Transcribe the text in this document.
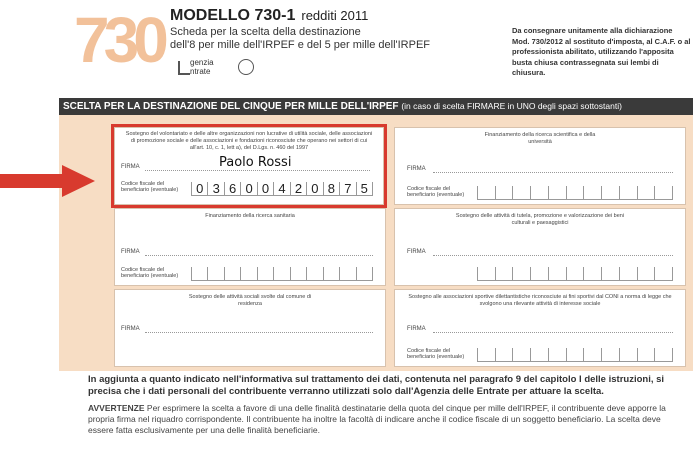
730 MODELLO 730-1 redditi 2011
Scheda per la scelta della destinazione
dell'8 per mille dell'IRPEF e del 5 per mille dell'IRPEF
genzia
ntrate
Da consegnare unitamente alla dichiarazione Mod. 730/2012 al sostituto d'imposta, al C.A.F. o al professionista abilitato, utilizzando l'apposita busta chiusa contrassegnata sui lembi di chiusura.
SCELTA PER LA DESTINAZIONE DEL CINQUE PER MILLE DELL'IRPEF (in caso di scelta FIRMARE in UNO degli spazi sottostanti)
Sostegno del volontariato e delle altre organizzazioni non lucrative di utilità sociale, delle associazioni di promozione sociale e delle associazioni e fondazioni riconosciute che operano nei settori di cui all'art. 10, c. 1, lett a), del D.Lgs. n. 460 del 1997
FIRMA	Paolo Rossi
Codice fiscale del beneficiario (eventuale)	0 3 6 0 0 4 2 0 8 7 5
Finanziamento della ricerca scientifica e della università
FIRMA
Codice fiscale del beneficiario (eventuale)
Finanziamento della ricerca sanitaria
FIRMA
Codice fiscale del beneficiario (eventuale)
Sostegno delle attività di tutela, promozione e valorizzazione dei beni culturali e paesaggistici
FIRMA
Sostegno delle attività sociali svolte dal comune di residenza
FIRMA
Sostegno alle associazioni sportive dilettantistiche riconosciute ai fini sportivi dal CONI a norma di legge che svolgono una rilevante attività di interesse sociale
FIRMA
Codice fiscale del beneficiario (eventuale)
In aggiunta a quanto indicato nell'informativa sul trattamento dei dati, contenuta nel paragrafo 9 del capitolo I delle istruzioni, si precisa che i dati personali del contribuente verranno utilizzati solo dall'Agenzia delle Entrate per attuare la scelta.
AVVERTENZE Per esprimere la scelta a favore di una delle finalità destinatarie della quota del cinque per mille dell'IRPEF, il contribuente deve apporre la propria firma nel riquadro corrispondente. Il contribuente ha inoltre la facoltà di indicare anche il codice fiscale di un soggetto beneficiario. La scelta deve essere fatta esclusivamente per una delle finalità beneficiarie.
